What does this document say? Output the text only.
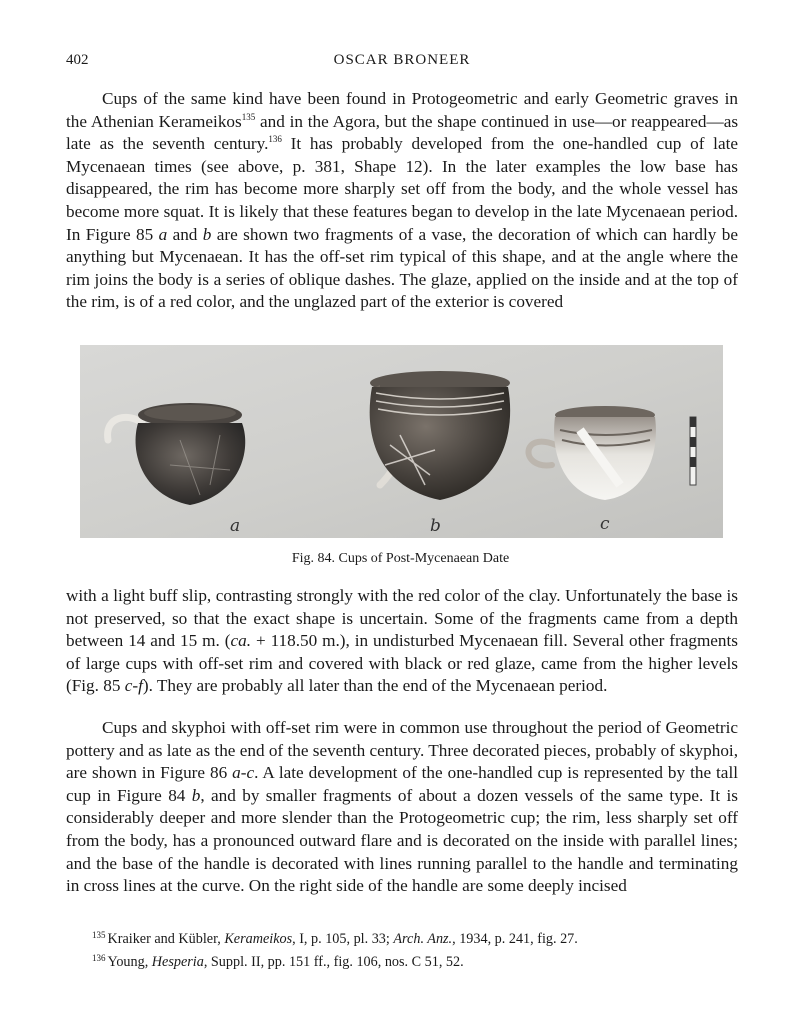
402	OSCAR BRONEER

Cups of the same kind have been found in Protogeometric and early Geometric graves in the Athenian Kerameikos$^{135}$ and in the Agora, but the shape continued in use—or reappeared—as late as the seventh century.$^{136}$ It has probably developed from the one-handled cup of late Mycenaean times (see above, p. 381, Shape 12). In the later examples the low base has disappeared, the rim has become more sharply set off from the body, and the whole vessel has become more squat. It is likely that these features began to develop in the late Mycenaean period. In Figure 85 a and b are shown two fragments of a vase, the decoration of which can hardly be anything but Mycenaean. It has the off-set rim typical of this shape, and at the angle where the rim joins the body is a series of oblique dashes. The glaze, applied on the inside and at the top of the rim, is of a red color, and the unglazed part of the exterior is covered

a	b	c
Fig. 84. Cups of Post-Mycenaean Date

with a light buff slip, contrasting strongly with the red color of the clay. Unfortunately the base is not preserved, so that the exact shape is uncertain. Some of the fragments came from a depth between 14 and 15 m. (ca. + 118.50 m.), in undisturbed Mycenaean fill. Several other fragments of large cups with off-set rim and covered with black or red glaze, came from the higher levels (Fig. 85 c-f). They are probably all later than the end of the Mycenaean period.

Cups and skyphoi with off-set rim were in common use throughout the period of Geometric pottery and as late as the end of the seventh century. Three decorated pieces, probably of skyphoi, are shown in Figure 86 a-c. A late development of the one-handled cup is represented by the tall cup in Figure 84 b, and by smaller fragments of about a dozen vessels of the same type. It is considerably deeper and more slender than the Protogeometric cup; the rim, less sharply set off from the body, has a pronounced outward flare and is decorated on the inside with parallel lines; and the base of the handle is decorated with lines running parallel to the handle and terminating in cross lines at the curve. On the right side of the handle are some deeply incised

$^{135}$ Kraiker and Kübler, Kerameikos, I, p. 105, pl. 33; Arch. Anz., 1934, p. 241, fig. 27.

$^{136}$ Young, Hesperia, Suppl. II, pp. 151 ff., fig. 106, nos. C 51, 52.
